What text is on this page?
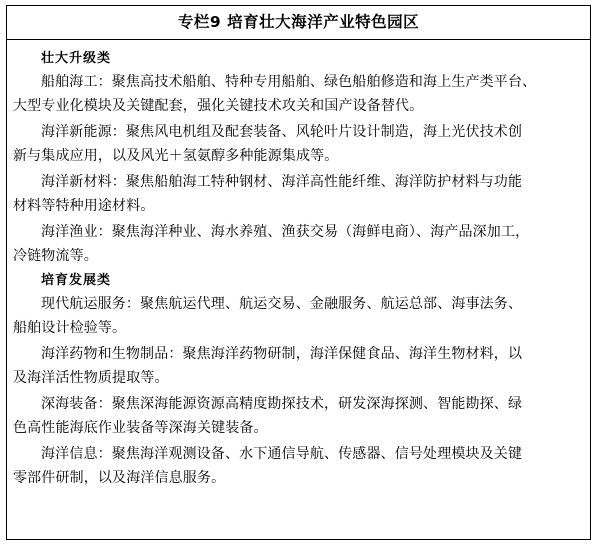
专栏9 培育壮大海洋产业特色园区
壮大升级类
船舶海工：聚焦高技术船舶、特种专用船舶、绿色船舶修造和海上生产类平台、
大型专业化模块及关键配套，强化关键技术攻关和国产设备替代。
海洋新能源：聚焦风电机组及配套装备、风轮叶片设计制造，海上光伏技术创
新与集成应用，以及风光＋氢氨醇多种能源集成等。
海洋新材料：聚焦船舶海工特种钢材、海洋高性能纤维、海洋防护材料与功能
材料等特种用途材料。
海洋渔业：聚焦海洋种业、海水养殖、渔获交易（海鲜电商）、海产品深加工，
冷链物流等。
培育发展类
现代航运服务：聚焦航运代理、航运交易、金融服务、航运总部、海事法务、
船舶设计检验等。
海洋药物和生物制品：聚焦海洋药物研制，海洋保健食品、海洋生物材料，以
及海洋活性物质提取等。
深海装备：聚焦深海能源资源高精度勘探技术，研发深海探测、智能勘探、绿
色高性能海底作业装备等深海关键装备。
海洋信息：聚焦海洋观测设备、水下通信导航、传感器、信号处理模块及关键
零部件研制，以及海洋信息服务。
